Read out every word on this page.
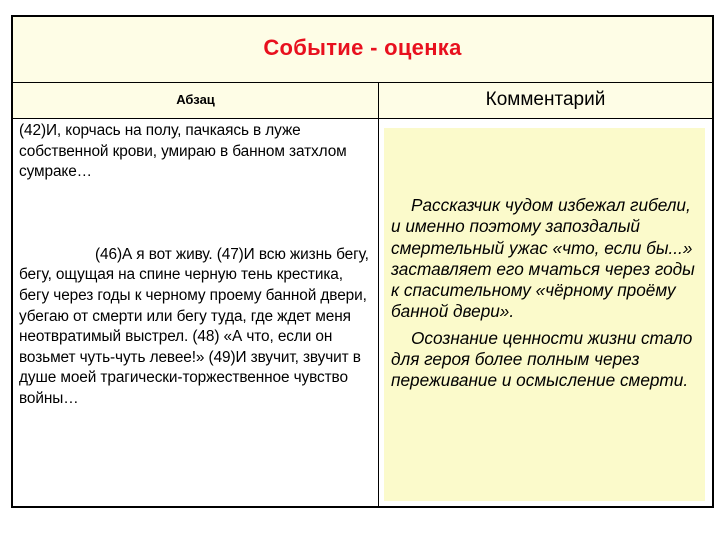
Событие - оценка
Абзац	Комментарий

(42)И, корчась на полу, пачкаясь в луже собственной крови, умираю в банном затхлом сумраке…

(46)А я вот живу. (47)И всю жизнь бегу, бегу, ощущая на спине черную тень крестика, бегу через годы к черному проему банной двери, убегаю от смерти или бегу туда, где ждет меня неотвратимый выстрел. (48) «А что, если он возьмет чуть-чуть левее!» (49)И звучит, звучит в душе моей трагически-торжественное чувство войны…

Рассказчик чудом избежал гибели, и именно поэтому запоздалый смертельный ужас «что, если бы...» заставляет его мчаться через годы к спасительному «чёрному проёму банной двери».

Осознание ценности жизни стало для героя более полным через переживание и осмысление смерти.
